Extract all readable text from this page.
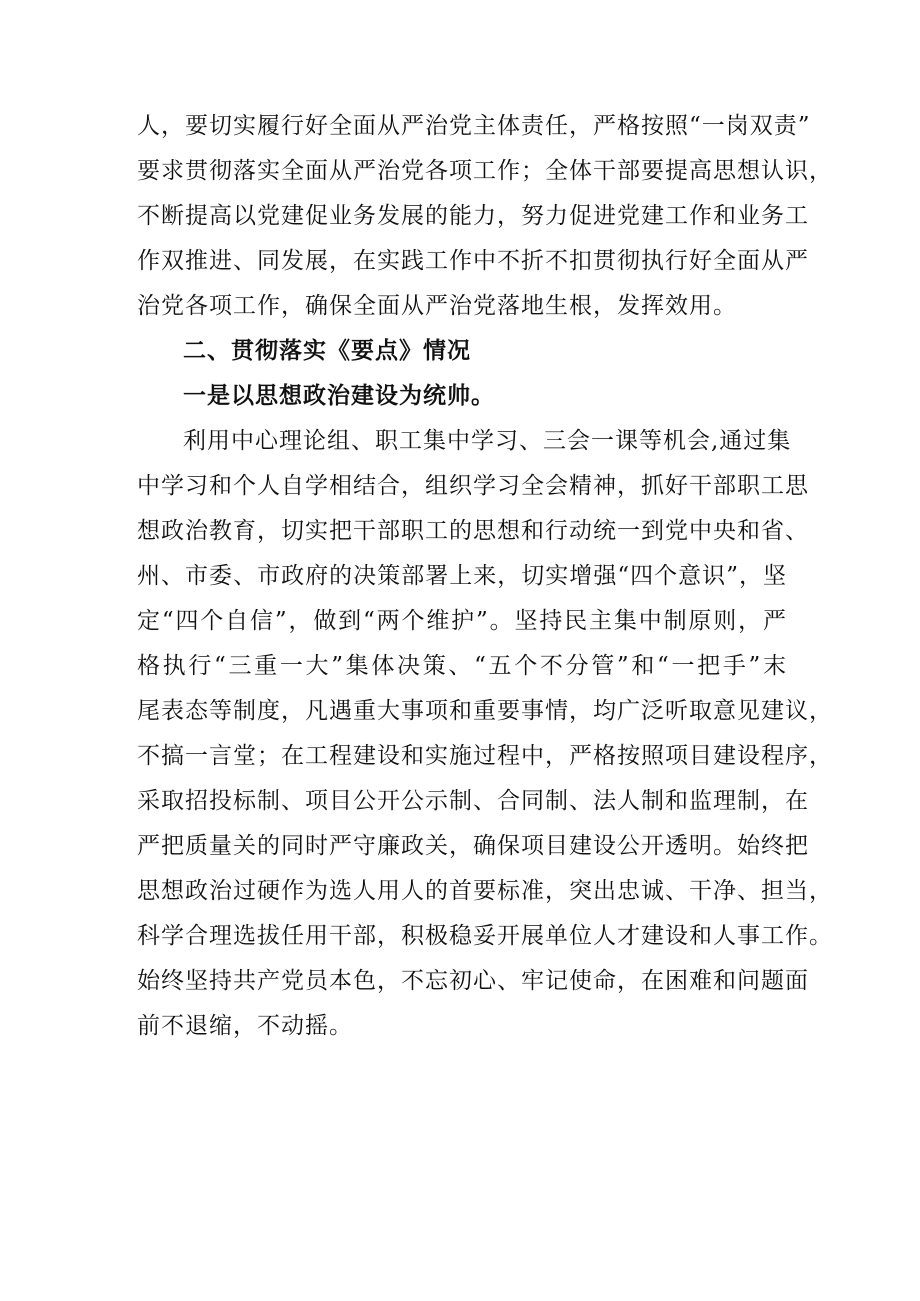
人，要切实履行好全面从严治党主体责任，严格按照“一岗双责”
要求贯彻落实全面从严治党各项工作；全体干部要提高思想认识，
不断提高以党建促业务发展的能力，努力促进党建工作和业务工
作双推进、同发展，在实践工作中不折不扣贯彻执行好全面从严
治党各项工作，确保全面从严治党落地生根，发挥效用。
二、贯彻落实《要点》情况
一是以思想政治建设为统帅。
利用中心理论组、职工集中学习、三会一课等机会,通过集
中学习和个人自学相结合，组织学习全会精神，抓好干部职工思
想政治教育，切实把干部职工的思想和行动统一到党中央和省、
州、市委、市政府的决策部署上来，切实增强“四个意识”，坚
定“四个自信”，做到“两个维护”。坚持民主集中制原则，严
格执行“三重一大”集体决策、“五个不分管”和“一把手”末
尾表态等制度，凡遇重大事项和重要事情，均广泛听取意见建议，
不搞一言堂；在工程建设和实施过程中，严格按照项目建设程序，
采取招投标制、项目公开公示制、合同制、法人制和监理制，在
严把质量关的同时严守廉政关，确保项目建设公开透明。始终把
思想政治过硬作为选人用人的首要标准，突出忠诚、干净、担当，
科学合理选拔任用干部，积极稳妥开展单位人才建设和人事工作。
始终坚持共产党员本色，不忘初心、牢记使命，在困难和问题面
前不退缩，不动摇。
